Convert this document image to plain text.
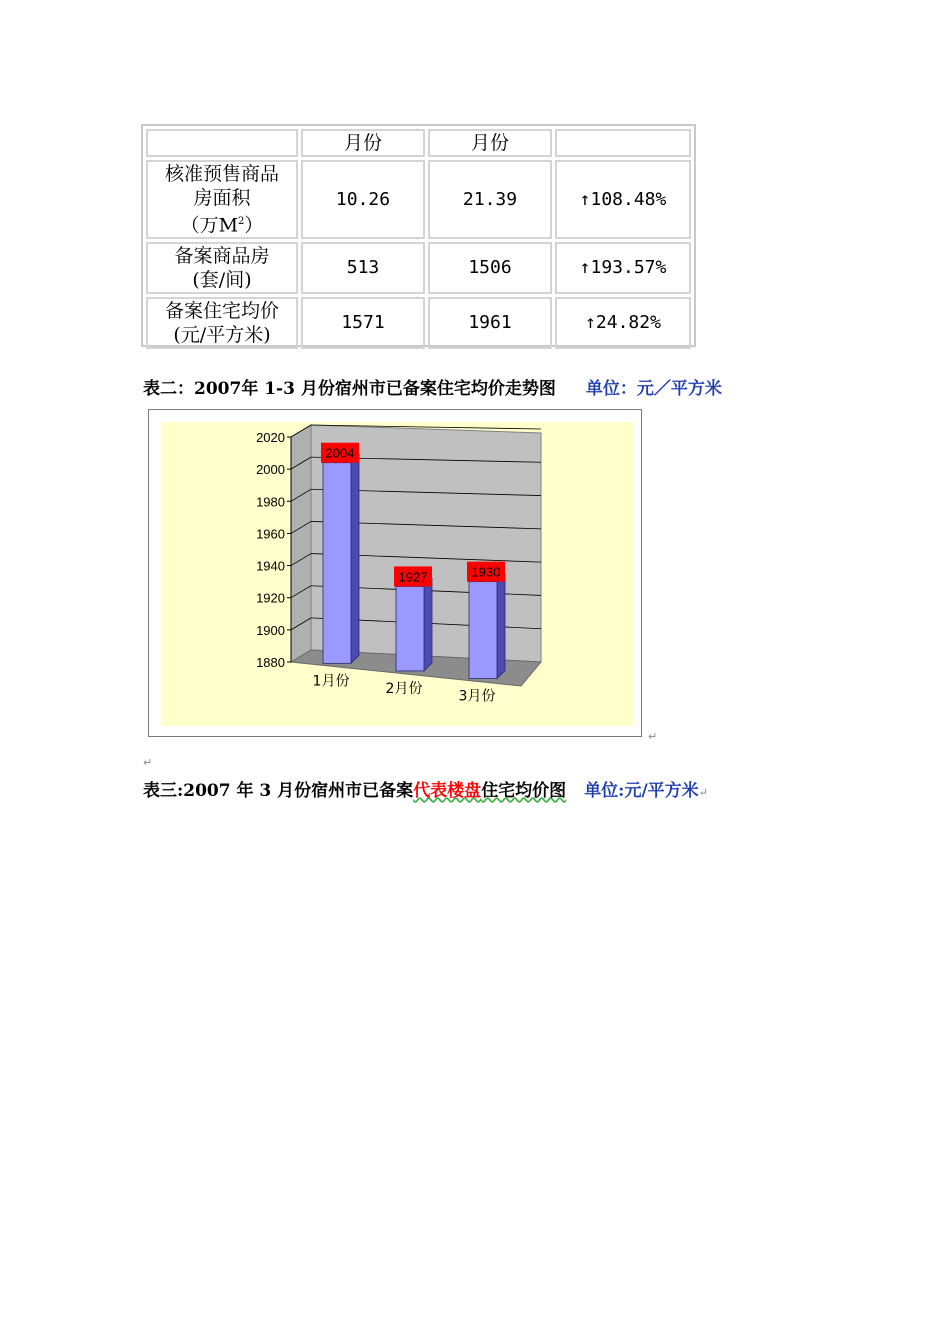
	月份	月份	

核准预售商品
房面积
（万$M^2$）	10.26	21.39	↑108.48%

备案商品房
(套/间)	513	1506	↑193.57%

备案住宅均价
(元/平方米)	1571	1961	↑24.82%
表二：2007年 1-3 月份宿州市已备案住宅均价走势图 单位：元／平方米
1880
1900
1920
1940
1960
1980
2000
2020
2004
1月份
1927
2月份
1930
3月份
↵
↵
表三:2007 年 3 月份宿州市已备案代表楼盘住宅均价图 单位:元/平方米↵
